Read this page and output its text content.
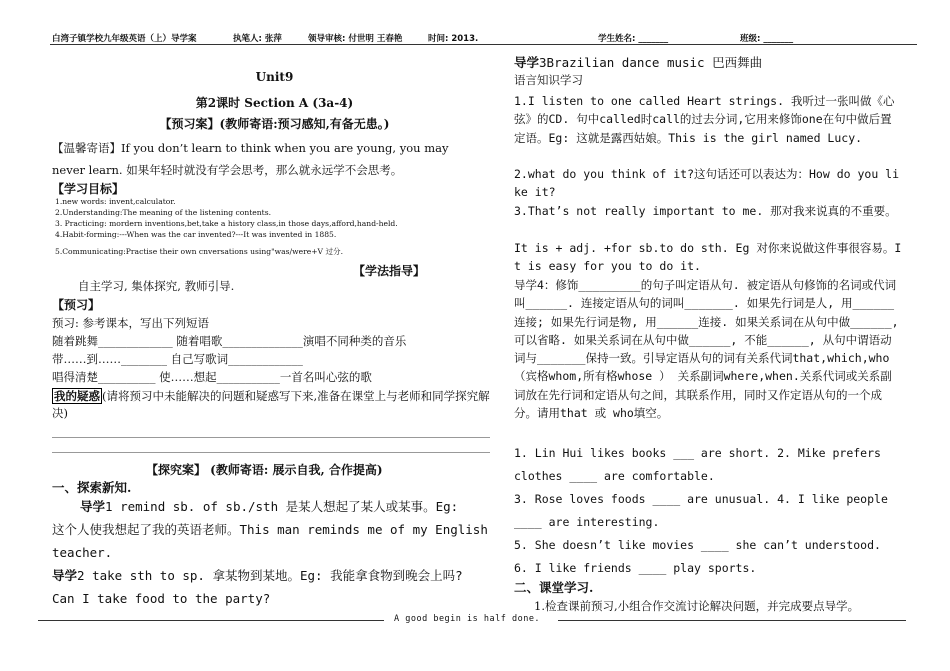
白湾子镇学校九年级英语（上）导学案	执笔人: 张萍	领导审核: 付世明 王春艳	时间: 2013.	学生姓名: _______	班级: _______
Unit9
第2课时 Section A (3a-4)
【预习案】(教师寄语:预习感知,有备无患。)
【温馨寄语】If you don’t learn to think when you are young, you may
never learn. 如果年轻时就没有学会思考，那么就永远学不会思考。
【学习目标】
1.new words: invent,calculator.
2.Understanding:The meaning of the listening contents.
3. Practicing: mordern inventions,bet,take a history class,in those days,afford,hand-held.
4.Habit-forming:---When was the car invented?---It was invented in 1885.
5.Communicating:Practise their own cnversations using"was/were+V 过分.
【学法指导】
自主学习, 集体探究, 教师引导.
【预习】
预习: 参考课本，写出下列短语
随着跳舞_____________ 随着唱歌______________演唱不同种类的音乐
带……到……________ 自己写歌词_____________
唱得清楚__________ 使……想起___________一首名叫心弦的歌
我的疑惑 (请将预习中未能解决的问题和疑惑写下来,准备在课堂上与老师和同学探究解决)
【探究案】 (教师寄语: 展示自我, 合作提高)
一、探索新知.
导学1 remind sb. of sb./sth 是某人想起了某人或某事。Eg:
这个人使我想起了我的英语老师。This man reminds me of my English
teacher.
导学2 take sth to sp. 拿某物到某地。Eg: 我能拿食物到晚会上吗?
Can I take food to the party?
导学3Brazilian dance music 巴西舞曲
语言知识学习
1.I listen to one called Heart strings. 我听过一张叫做《心弦》的CD. 句中called时call的过去分词,它用来修饰one在句中做后置定语。Eg: 这就是露西姑娘。This is the girl named Lucy.
2.what do you think of it?这句话还可以表达为：How do you like it?
3.That’s not really important to me. 那对我来说真的不重要。
It is + adj. +for sb.to do sth. Eg 对你来说做这件事很容易。It is easy for you to do it.
导学4：修饰_________的句子叫定语从句. 被定语从句修饰的名词或代词叫______. 连接定语从句的词叫_______. 如果先行词是人, 用______连接; 如果先行词是物, 用______连接. 如果关系词在从句中做______, 可以省略. 如果关系词在从句中做______, 不能______, 从句中谓语动词与_______保持一致。引导定语从句的词有关系代词that,which,who（宾格whom,所有格whose ） 关系副词where,when.关系代词或关系副词放在先行词和定语从句之间，其联系作用，同时又作定语从句的一个成分。请用that 或 who填空。
1. Lin Hui likes books ___ are short. 2. Mike prefers
clothes ____ are comfortable.
3. Rose loves foods ____ are unusual. 4. I like people
____ are interesting.
5. She doesn’t like movies ____ she can’t understood.
6. I like friends ____ play sports.
二、课堂学习.
1.检查课前预习,小组合作交流讨论解决问题，并完成要点导学。
A good begin is half done.
